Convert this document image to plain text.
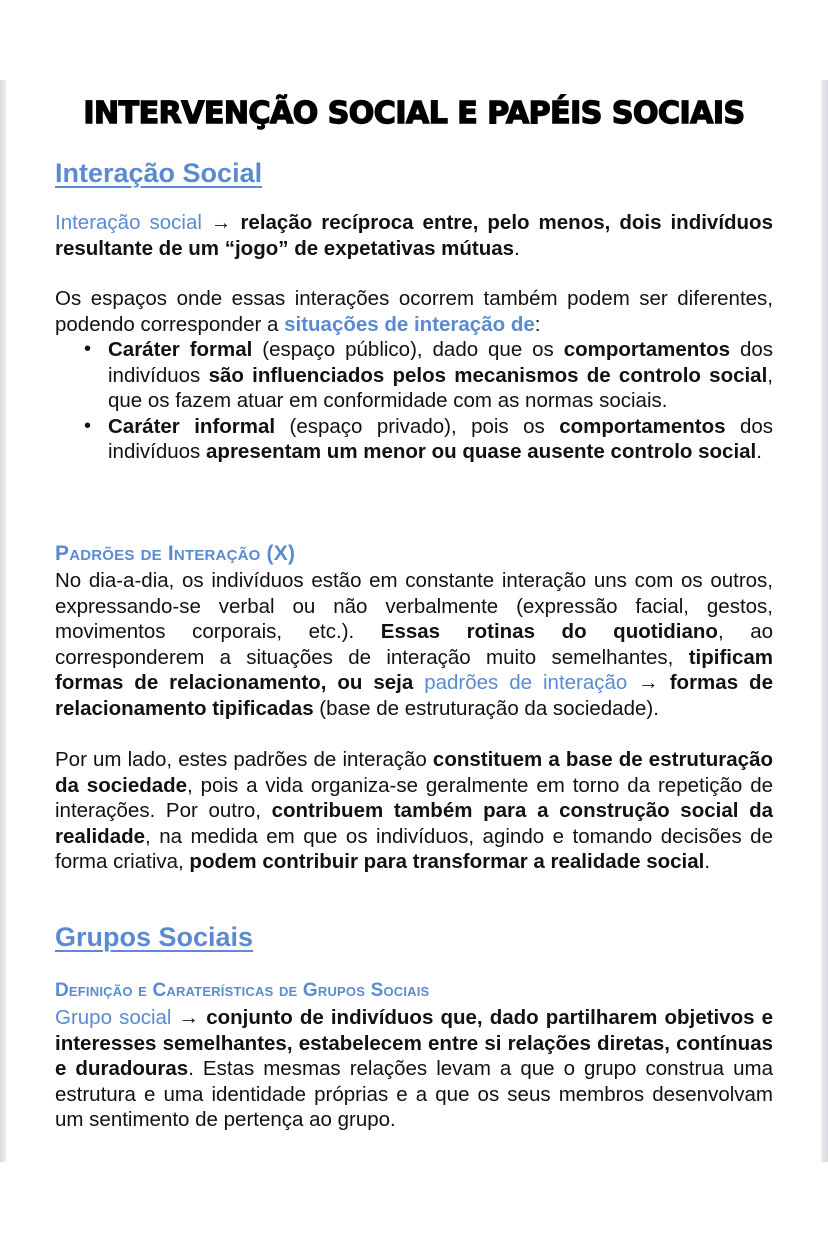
INTERVENÇÃO SOCIAL E PAPÉIS SOCIAIS
Interação Social

Interação social → relação recíproca entre, pelo menos, dois indivíduos resultante de um “jogo” de expetativas mútuas.

Os espaços onde essas interações ocorrem também podem ser diferentes, podendo corresponder a situações de interação de:

• Caráter formal (espaço público), dado que os comportamentos dos indivíduos são influenciados pelos mecanismos de controlo social, que os fazem atuar em conformidade com as normas sociais.
• Caráter informal (espaço privado), pois os comportamentos dos indivíduos apresentam um menor ou quase ausente controlo social.
Padrões de Interação (X)

No dia-a-dia, os indivíduos estão em constante interação uns com os outros, expressando-se verbal ou não verbalmente (expressão facial, gestos, movimentos corporais, etc.). Essas rotinas do quotidiano, ao corresponderem a situações de interação muito semelhantes, tipificam formas de relacionamento, ou seja padrões de interação → formas de relacionamento tipificadas (base de estruturação da sociedade).

Por um lado, estes padrões de interação constituem a base de estruturação da sociedade, pois a vida organiza-se geralmente em torno da repetição de interações. Por outro, contribuem também para a construção social da realidade, na medida em que os indivíduos, agindo e tomando decisões de forma criativa, podem contribuir para transformar a realidade social.

Grupos Sociais
Definição e Caraterísticas de Grupos Sociais

Grupo social → conjunto de indivíduos que, dado partilharem objetivos e interesses semelhantes, estabelecem entre si relações diretas, contínuas e duradouras. Estas mesmas relações levam a que o grupo construa uma estrutura e uma identidade próprias e a que os seus membros desenvolvam um sentimento de pertença ao grupo.
